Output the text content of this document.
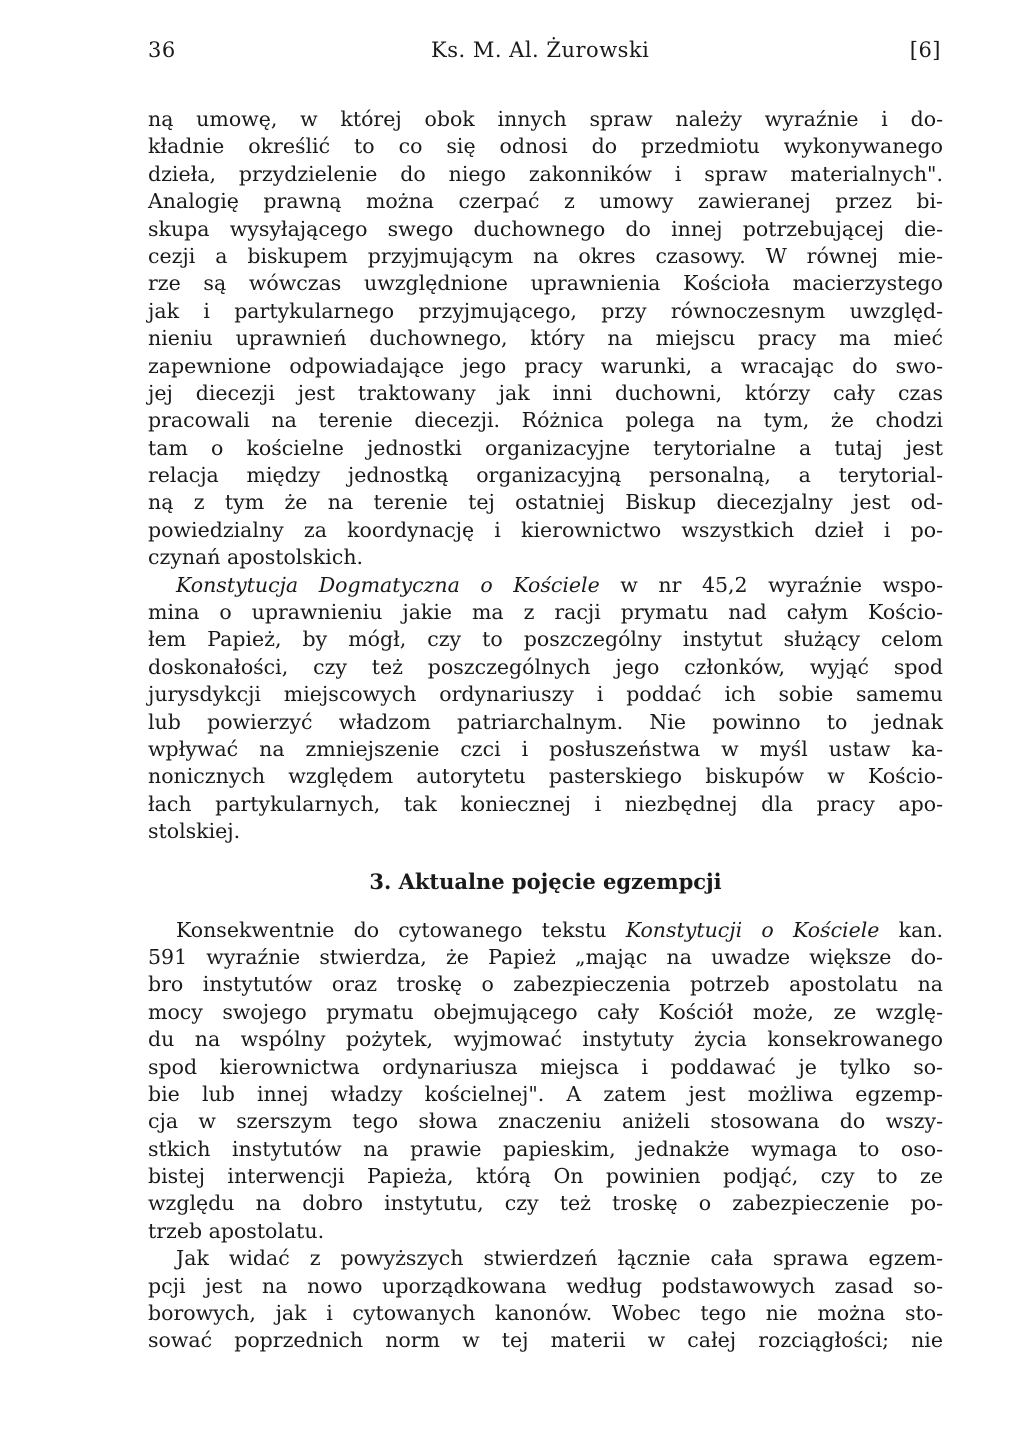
36	Ks. M. Al. Żurowski	[6]
ną umowę, w której obok innych spraw należy wyraźnie i do-
kładnie określić to co się odnosi do przedmiotu wykonywanego
dzieła, przydzielenie do niego zakonników i spraw materialnych".
Analogię prawną można czerpać z umowy zawieranej przez bi-
skupa wysyłającego swego duchownego do innej potrzebującej die-
cezji a biskupem przyjmującym na okres czasowy. W równej mie-
rze są wówczas uwzględnione uprawnienia Kościoła macierzystego
jak i partykularnego przyjmującego, przy równoczesnym uwzględ-
nieniu uprawnień duchownego, który na miejscu pracy ma mieć
zapewnione odpowiadające jego pracy warunki, a wracając do swo-
jej diecezji jest traktowany jak inni duchowni, którzy cały czas
pracowali na terenie diecezji. Różnica polega na tym, że chodzi
tam o kościelne jednostki organizacyjne terytorialne a tutaj jest
relacja między jednostką organizacyjną personalną, a terytorial-
ną z tym że na terenie tej ostatniej Biskup diecezjalny jest od-
powiedzialny za koordynację i kierownictwo wszystkich dzieł i po-
czynań apostolskich.
Konstytucja Dogmatyczna o Kościele w nr 45,2 wyraźnie wspo-
mina o uprawnieniu jakie ma z racji prymatu nad całym Kościo-
łem Papież, by mógł, czy to poszczególny instytut służący celom
doskonałości, czy też poszczególnych jego członków, wyjąć spod
jurysdykcji miejscowych ordynariuszy i poddać ich sobie samemu
lub powierzyć władzom patriarchalnym. Nie powinno to jednak
wpływać na zmniejszenie czci i posłuszeństwa w myśl ustaw ka-
nonicznych względem autorytetu pasterskiego biskupów w Kościo-
łach partykularnych, tak koniecznej i niezbędnej dla pracy apo-
stolskiej.
3. Aktualne pojęcie egzempcji
Konsekwentnie do cytowanego tekstu Konstytucji o Kościele kan.
591 wyraźnie stwierdza, że Papież „mając na uwadze większe do-
bro instytutów oraz troskę o zabezpieczenia potrzeb apostolatu na
mocy swojego prymatu obejmującego cały Kościół może, ze wzglę-
du na wspólny pożytek, wyjmować instytuty życia konsekrowanego
spod kierownictwa ordynariusza miejsca i poddawać je tylko so-
bie lub innej władzy kościelnej". A zatem jest możliwa egzemp-
cja w szerszym tego słowa znaczeniu aniżeli stosowana do wszy-
stkich instytutów na prawie papieskim, jednakże wymaga to oso-
bistej interwencji Papieża, którą On powinien podjąć, czy to ze
względu na dobro instytutu, czy też troskę o zabezpieczenie po-
trzeb apostolatu.
Jak widać z powyższych stwierdzeń łącznie cała sprawa egzem-
pcji jest na nowo uporządkowana według podstawowych zasad so-
borowych, jak i cytowanych kanonów. Wobec tego nie można sto-
sować poprzednich norm w tej materii w całej rozciągłości; nie
